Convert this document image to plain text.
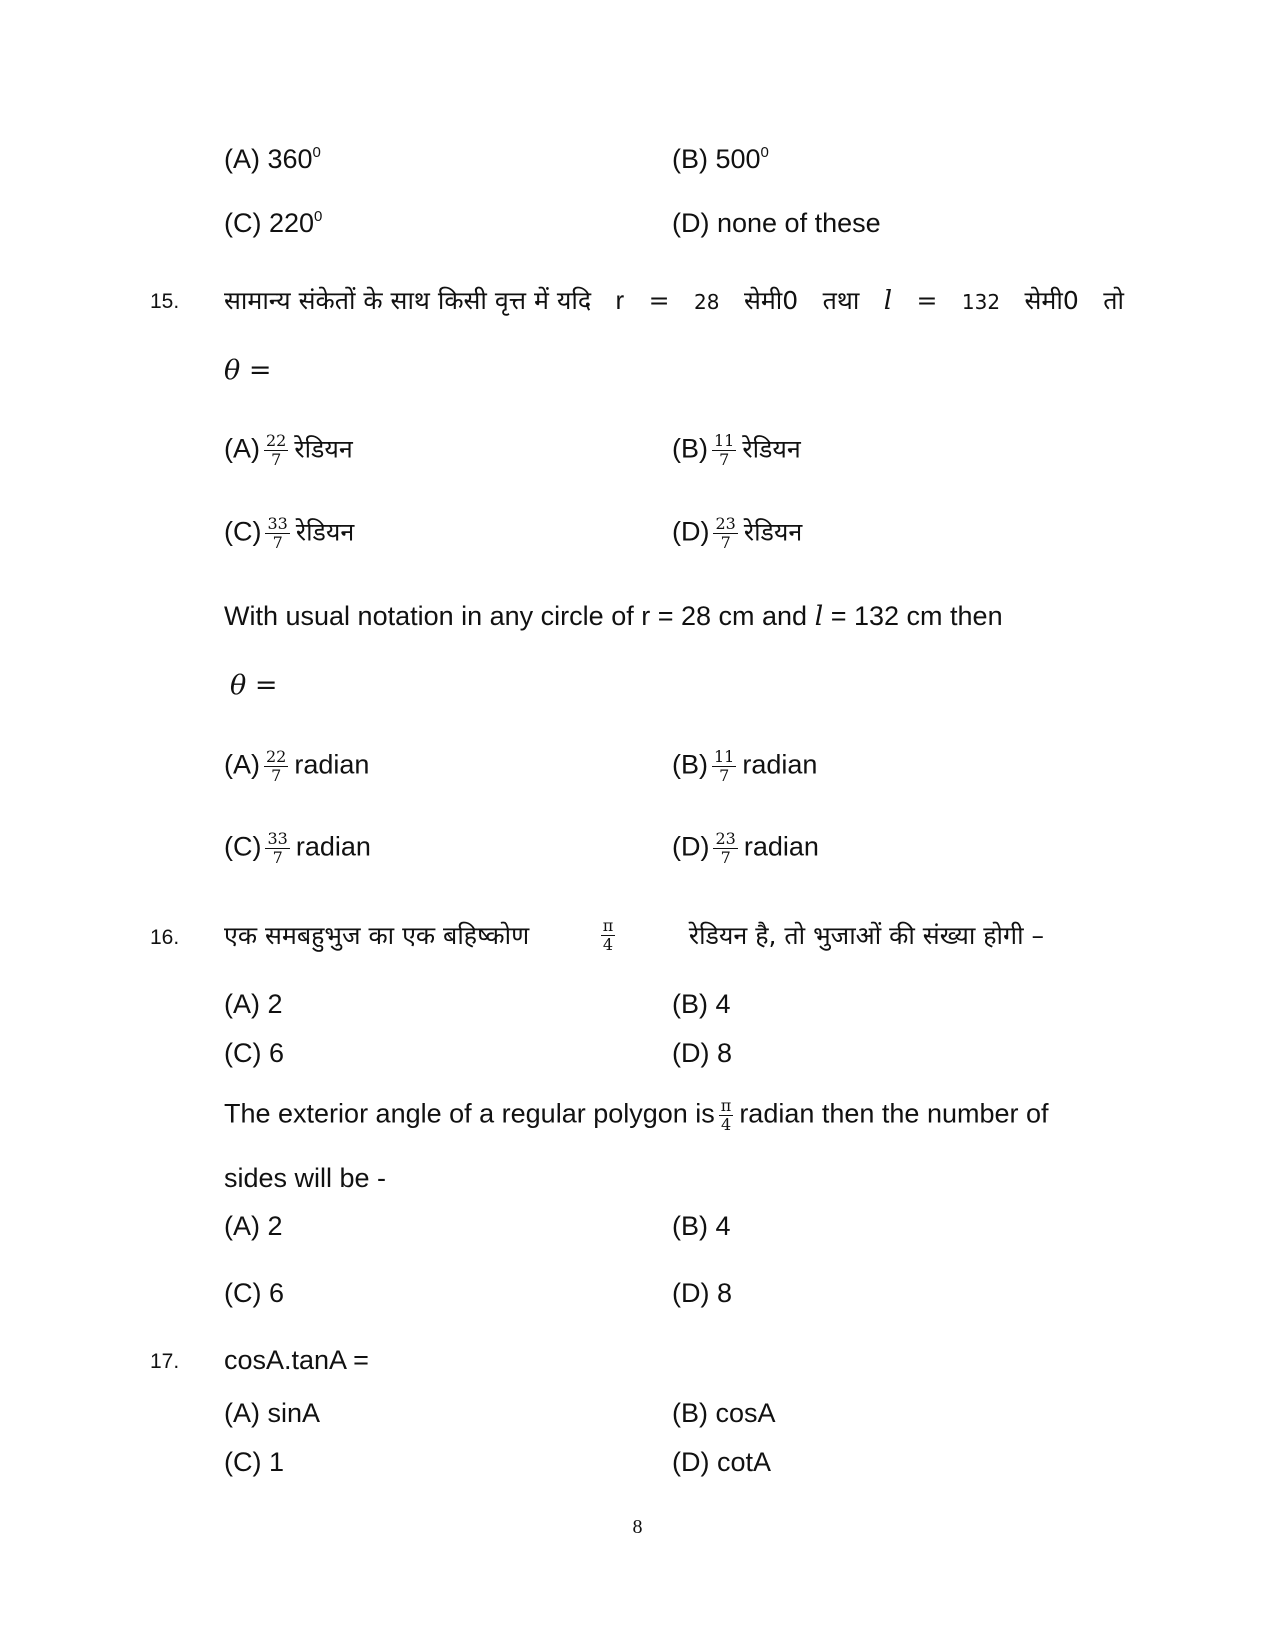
(A) $360^0$	(B) $500^0$
(C) $220^0$	(D) none of these
15. सामान्य संकेतों के साथ किसी वृत्त में यदि r = 28 सेमी0 तथा l = 132 सेमी0 तो
θ =
$(A) \frac{22}{7}$ रेडियन	$(B) \frac{11}{7}$ रेडियन
$(C) \frac{33}{7}$ रेडियन	$(D) \frac{23}{7}$ रेडियन
With usual notation in any circle of r = 28 cm and l = 132 cm then
θ =
$(A) \frac{22}{7}$ radian	$(B) \frac{11}{7}$ radian
$(C) \frac{33}{7}$ radian	$(D) \frac{23}{7}$ radian
16. एक समबहुभुज का एक बहिष्कोण	$\frac{\pi}{4}$	रेडियन है, तो भुजाओं की संख्या होगी –
(A) 2	(B) 4
(C) 6	(D) 8
The exterior angle of a regular polygon is $\frac{\pi}{4}$ radian then the number of
sides will be -
(A) 2	(B) 4
(C) 6	(D) 8
17. cosA.tanA =
(A) sinA	(B) cosA
(C) 1	(D) cotA
8
